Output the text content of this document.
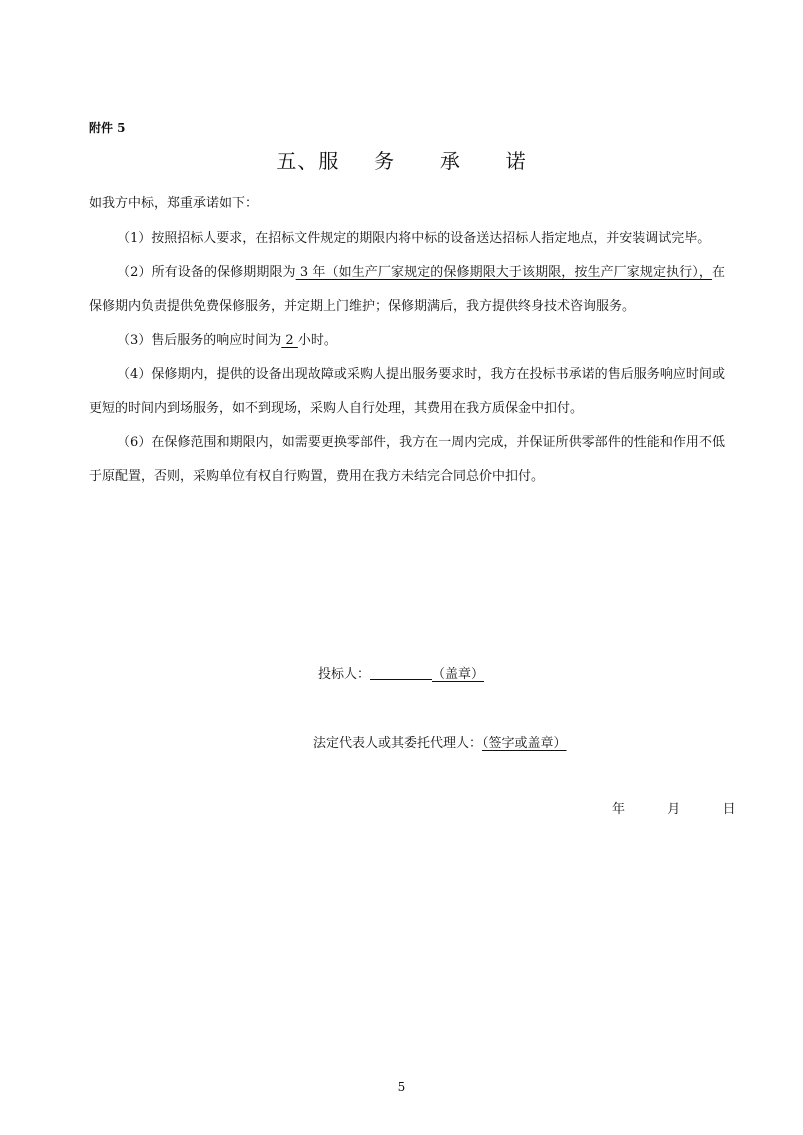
附件 5
五、服 务 承 诺
如我方中标，郑重承诺如下：

（1）按照招标人要求，在招标文件规定的期限内将中标的设备送达招标人指定地点，并安装调试完毕。

（2）所有设备的保修期期限为 3 年（如生产厂家规定的保修期限大于该期限，按生产厂家规定执行），在保修期内负责提供免费保修服务，并定期上门维护；保修期满后，我方提供终身技术咨询服务。

（3）售后服务的响应时间为 2 小时。

（4）保修期内，提供的设备出现故障或采购人提出服务要求时，我方在投标书承诺的售后服务响应时间或更短的时间内到场服务，如不到现场，采购人自行处理，其费用在我方质保金中扣付。

（6）在保修范围和期限内，如需要更换零部件，我方在一周内完成，并保证所供零部件的性能和作用不低于原配置，否则，采购单位有权自行购置，费用在我方未结完合同总价中扣付。

投标人：	（盖章）
法定代表人或其委托代理人：（签字或盖章）
年	月	日
5
